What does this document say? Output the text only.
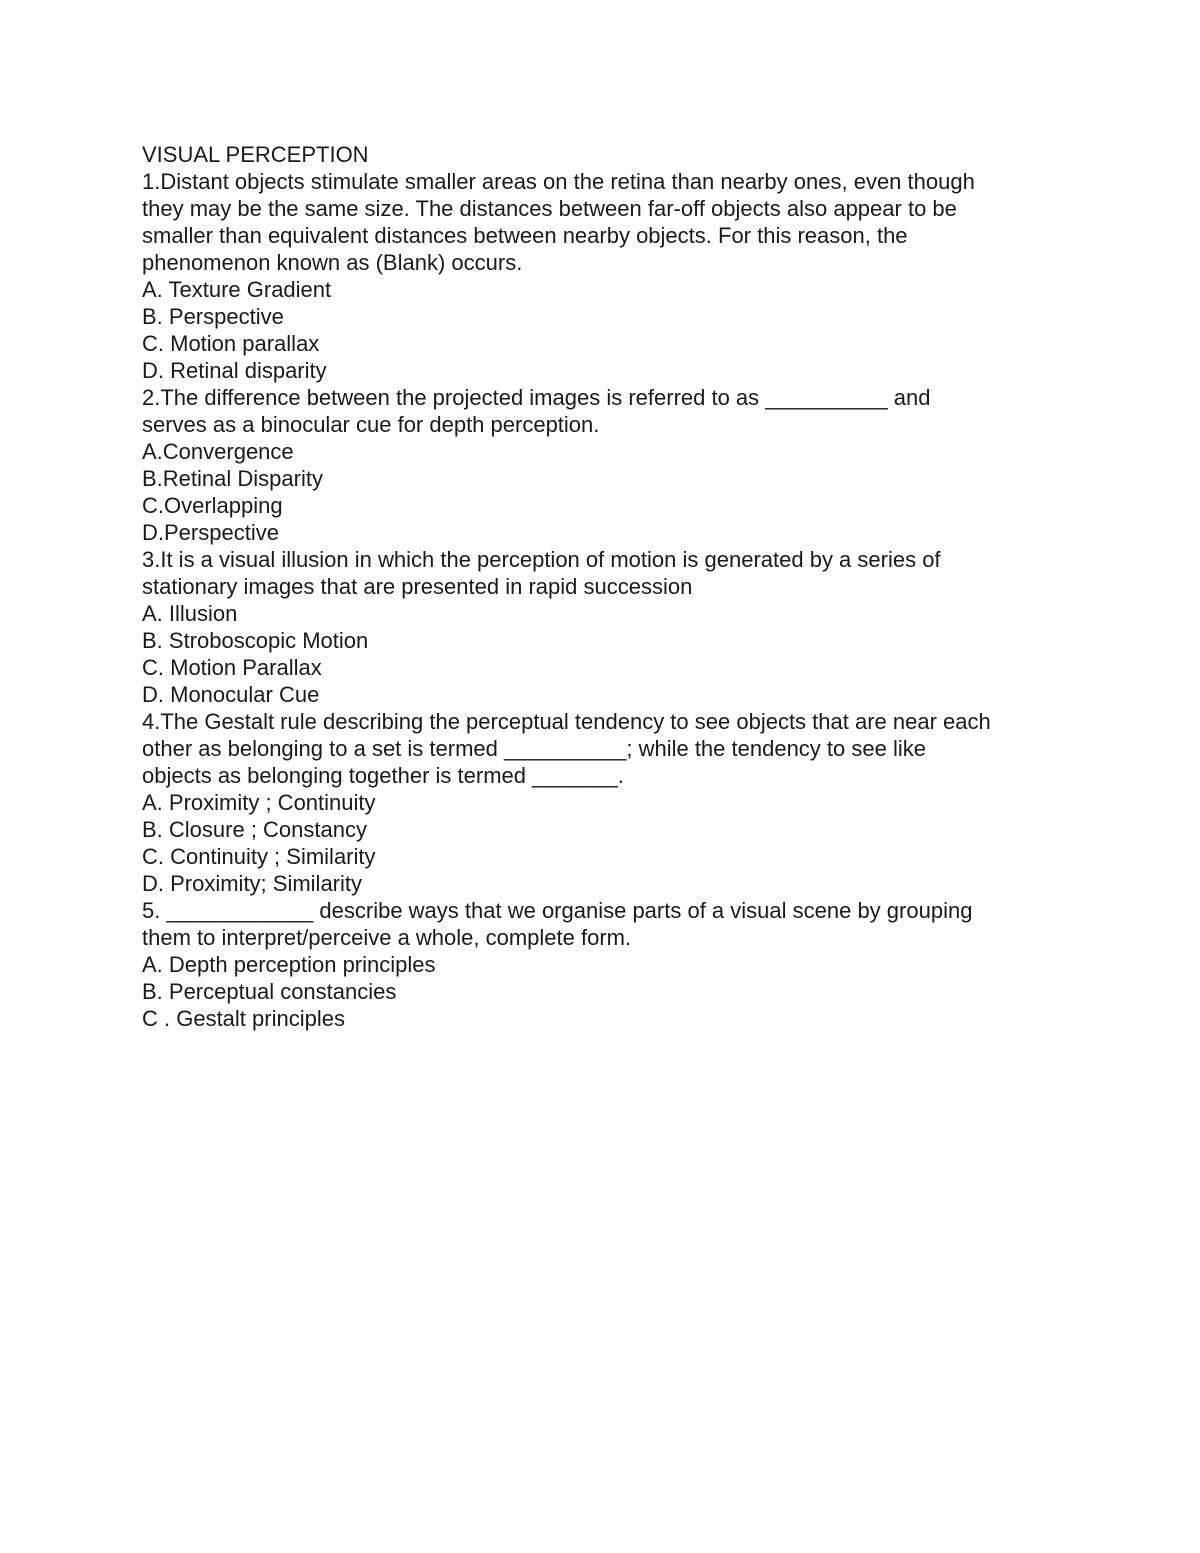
VISUAL PERCEPTION
1.Distant objects stimulate smaller areas on the retina than nearby ones, even though
they may be the same size. The distances between far-off objects also appear to be
smaller than equivalent distances between nearby objects. For this reason, the
phenomenon known as (Blank) occurs.
A. Texture Gradient
B. Perspective
C. Motion parallax
D. Retinal disparity
2.The difference between the projected images is referred to as __________ and
serves as a binocular cue for depth perception.
A.Convergence
B.Retinal Disparity
C.Overlapping
D.Perspective
3.It is a visual illusion in which the perception of motion is generated by a series of
stationary images that are presented in rapid succession
A. Illusion
B. Stroboscopic Motion
C. Motion Parallax
D. Monocular Cue
4.The Gestalt rule describing the perceptual tendency to see objects that are near each
other as belonging to a set is termed __________; while the tendency to see like
objects as belonging together is termed _______.
A. Proximity ; Continuity
B. Closure ; Constancy
C. Continuity ; Similarity
D. Proximity; Similarity
5. ____________ describe ways that we organise parts of a visual scene by grouping
them to interpret/perceive a whole, complete form.
A. Depth perception principles
B. Perceptual constancies
C . Gestalt principles
